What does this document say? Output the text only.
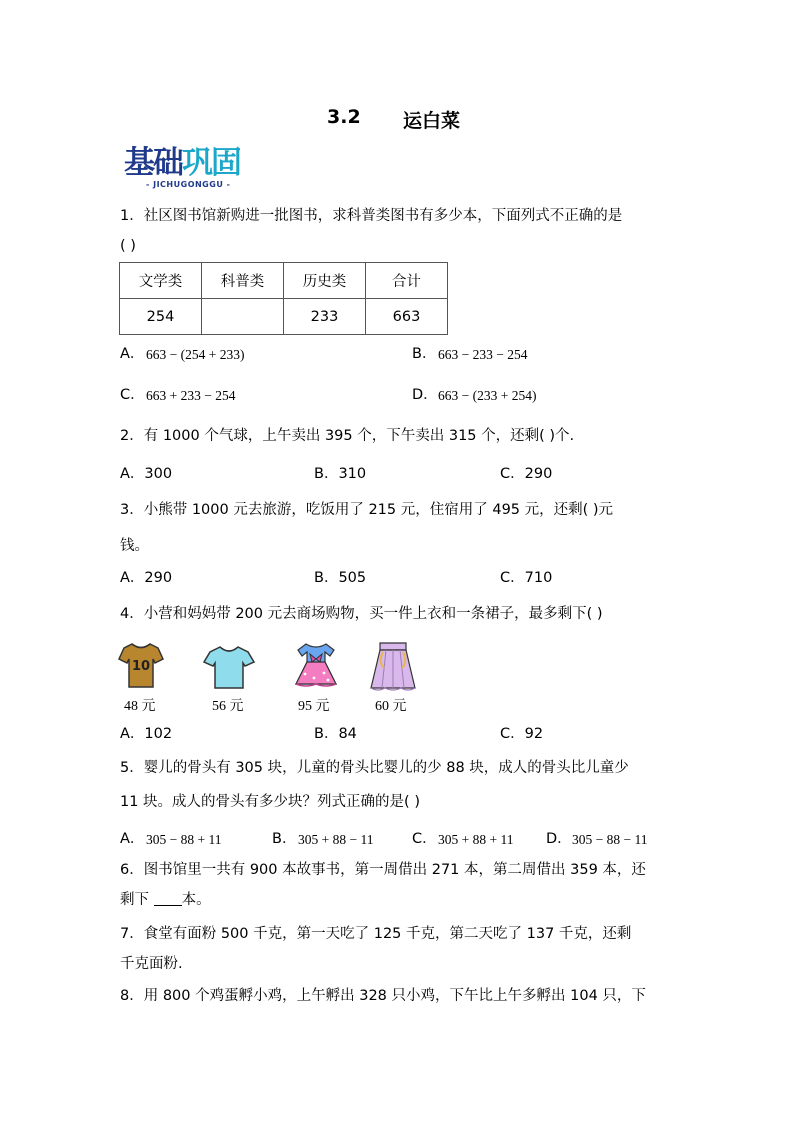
3.2 运白菜
基础巩固
- JICHUGONGGU -
1．社区图书馆新购进一批图书，求科普类图书有多少本，下面列式不正确的是
( )
文学类	科普类	历史类	合计
254		233	663
A． 663 − (254 + 233)	B． 663 − 233 − 254
C． 663 + 233 − 254	D． 663 − (233 + 254)
2．有 1000 个气球，上午卖出 395 个，下午卖出 315 个，还剩( )个.
A．300	B．310	C．290
3．小熊带 1000 元去旅游，吃饭用了 215 元，住宿用了 495 元，还剩( )元
钱。
A．290	B．505	C．710
4．小营和妈妈带 200 元去商场购物，买一件上衣和一条裙子，最多剩下( )
10
48 元	56 元	95 元	60 元
A．102	B．84	C．92
5．婴儿的骨头有 305 块，儿童的骨头比婴儿的少 88 块，成人的骨头比儿童少
11 块。成人的骨头有多少块？列式正确的是( )
A． 305 − 88 + 11	B． 305 + 88 − 11	C． 305 + 88 + 11 D． 305 − 88 − 11
6．图书馆里一共有 900 本故事书，第一周借出 271 本，第二周借出 359 本，还
剩下 本。
7．食堂有面粉 500 千克，第一天吃了 125 千克，第二天吃了 137 千克，还剩
千克面粉.
8．用 800 个鸡蛋孵小鸡，上午孵出 328 只小鸡，下午比上午多孵出 104 只，下
